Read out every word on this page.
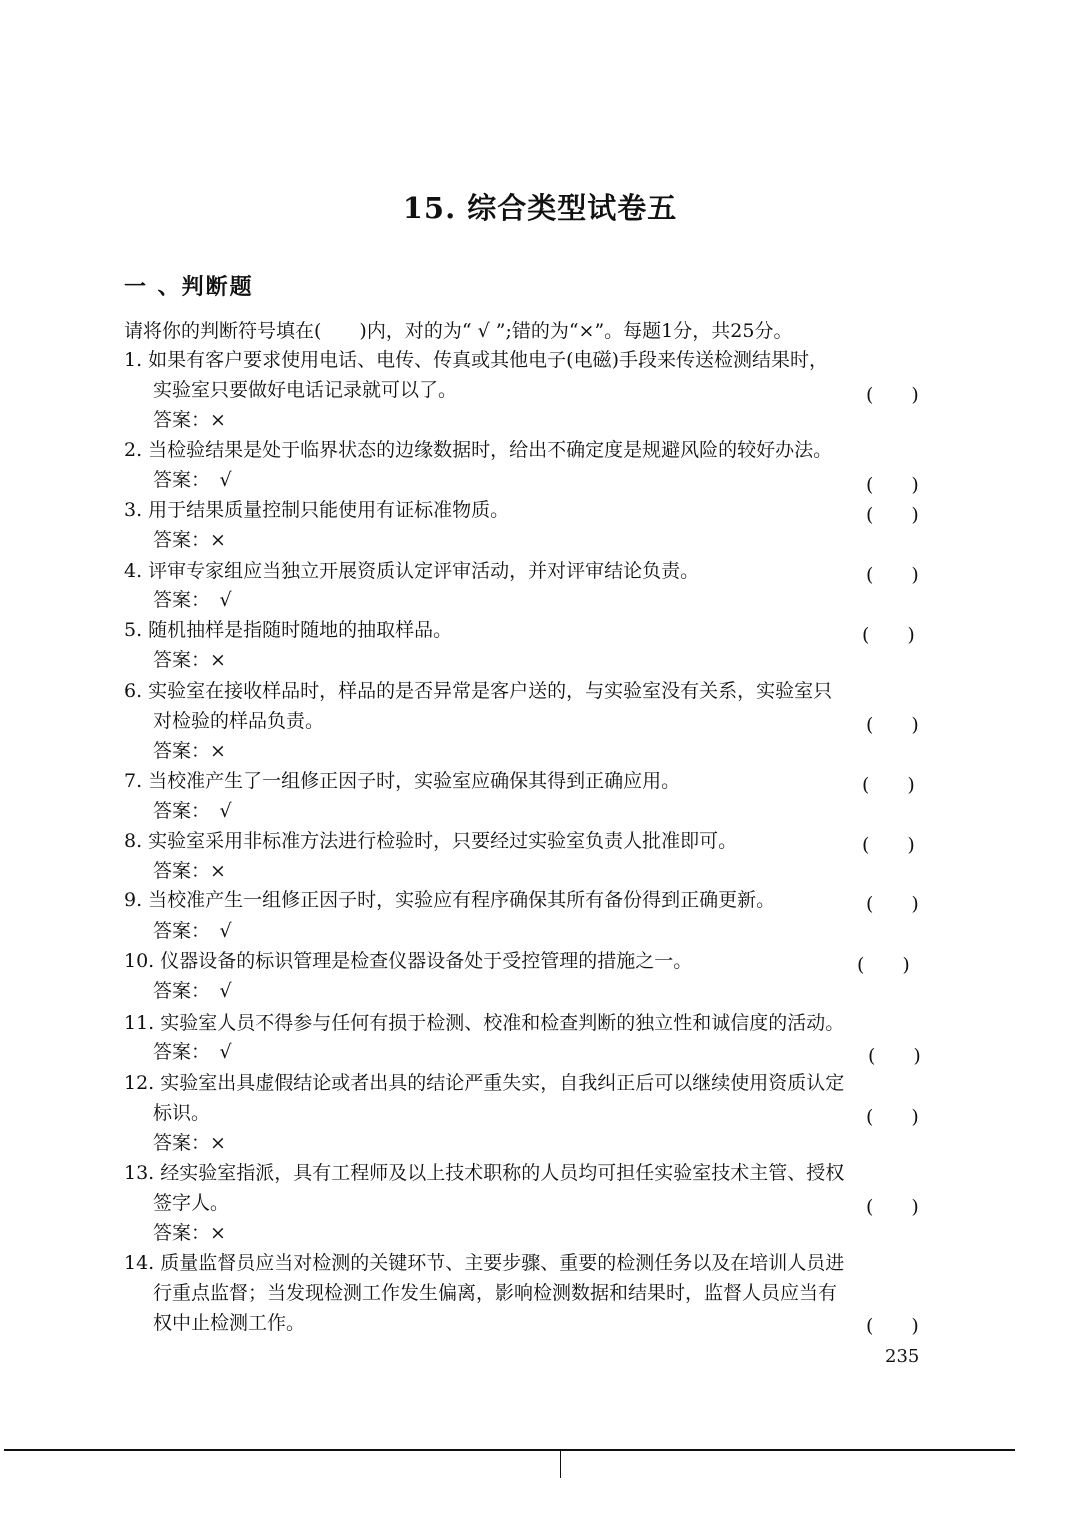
15. 综合类型试卷五
一 、判断题
请将你的判断符号填在(　　)内，对的为“ √ ”;错的为“×”。每题1分，共25分。
1. 如果有客户要求使用电话、电传、传真或其他电子(电磁)手段来传送检测结果时，
实验室只要做好电话记录就可以了。	(　　)
答案：×
2. 当检验结果是处于临界状态的边缘数据时，给出不确定度是规避风险的较好办法。
答案：　√	(　　)
3. 用于结果质量控制只能使用有证标准物质。	(　　)
答案：×
4. 评审专家组应当独立开展资质认定评审活动，并对评审结论负责。	(　　)
答案：　√
5. 随机抽样是指随时随地的抽取样品。	(　　)
答案：×
6. 实验室在接收样品时，样品的是否异常是客户送的，与实验室没有关系，实验室只
对检验的样品负责。	(　　)
答案：×
7. 当校准产生了一组修正因子时，实验室应确保其得到正确应用。	(　　)
答案：　√
8. 实验室采用非标准方法进行检验时，只要经过实验室负责人批准即可。	(　　)
答案：×
9. 当校准产生一组修正因子时，实验应有程序确保其所有备份得到正确更新。	(　　)
答案：　√
10. 仪器设备的标识管理是检查仪器设备处于受控管理的措施之一。	(　　)
答案：　√
11. 实验室人员不得参与任何有损于检测、校准和检查判断的独立性和诚信度的活动。
答案：　√	(　　)
12. 实验室出具虚假结论或者出具的结论严重失实，自我纠正后可以继续使用资质认定
标识。	(　　)
答案：×
13. 经实验室指派，具有工程师及以上技术职称的人员均可担任实验室技术主管、授权
签字人。	(　　)
答案：×
14. 质量监督员应当对检测的关键环节、主要步骤、重要的检测任务以及在培训人员进
行重点监督；当发现检测工作发生偏离，影响检测数据和结果时，监督人员应当有
权中止检测工作。	(　　)
235
